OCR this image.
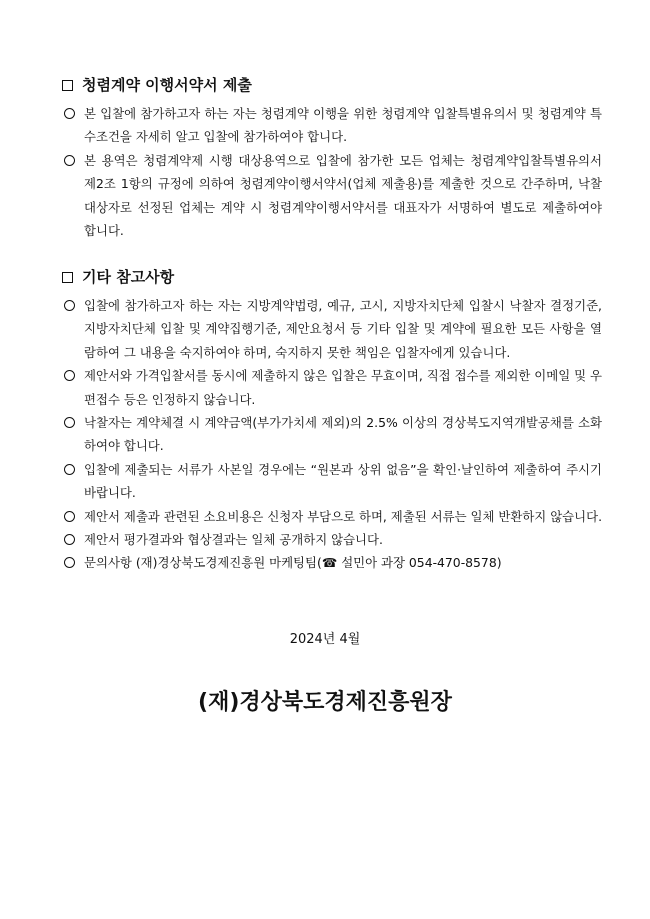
청렴계약 이행서약서 제출
본 입찰에 참가하고자 하는 자는 청렴계약 이행을 위한 청렴계약 입찰특별유의서 및 청렴계약 특수조건을 자세히 알고 입찰에 참가하여야 합니다.
본 용역은 청렴계약제 시행 대상용역으로 입찰에 참가한 모든 업체는 청렴계약입찰특별유의서 제2조 1항의 규정에 의하여 청렴계약이행서약서(업체 제출용)를 제출한 것으로 간주하며, 낙찰대상자로 선정된 업체는 계약 시 청렴계약이행서약서를 대표자가 서명하여 별도로 제출하여야 합니다.
기타 참고사항
입찰에 참가하고자 하는 자는 지방계약법령, 예규, 고시, 지방자치단체 입찰시 낙찰자 결정기준, 지방자치단체 입찰 및 계약집행기준, 제안요청서 등 기타 입찰 및 계약에 필요한 모든 사항을 열람하여 그 내용을 숙지하여야 하며, 숙지하지 못한 책임은 입찰자에게 있습니다.
제안서와 가격입찰서를 동시에 제출하지 않은 입찰은 무효이며, 직접 접수를 제외한 이메일 및 우편접수 등은 인정하지 않습니다.
낙찰자는 계약체결 시 계약금액(부가가치세 제외)의 2.5% 이상의 경상북도지역개발공채를 소화하여야 합니다.
입찰에 제출되는 서류가 사본일 경우에는 “원본과 상위 없음”을 확인·날인하여 제출하여 주시기 바랍니다.
제안서 제출과 관련된 소요비용은 신청자 부담으로 하며, 제출된 서류는 일체 반환하지 않습니다.
제안서 평가결과와 협상결과는 일체 공개하지 않습니다.
문의사항 (재)경상북도경제진흥원 마케팅팀(☎ 설민아 과장 054-470-8578)
2024년 4월
(재)경상북도경제진흥원장
